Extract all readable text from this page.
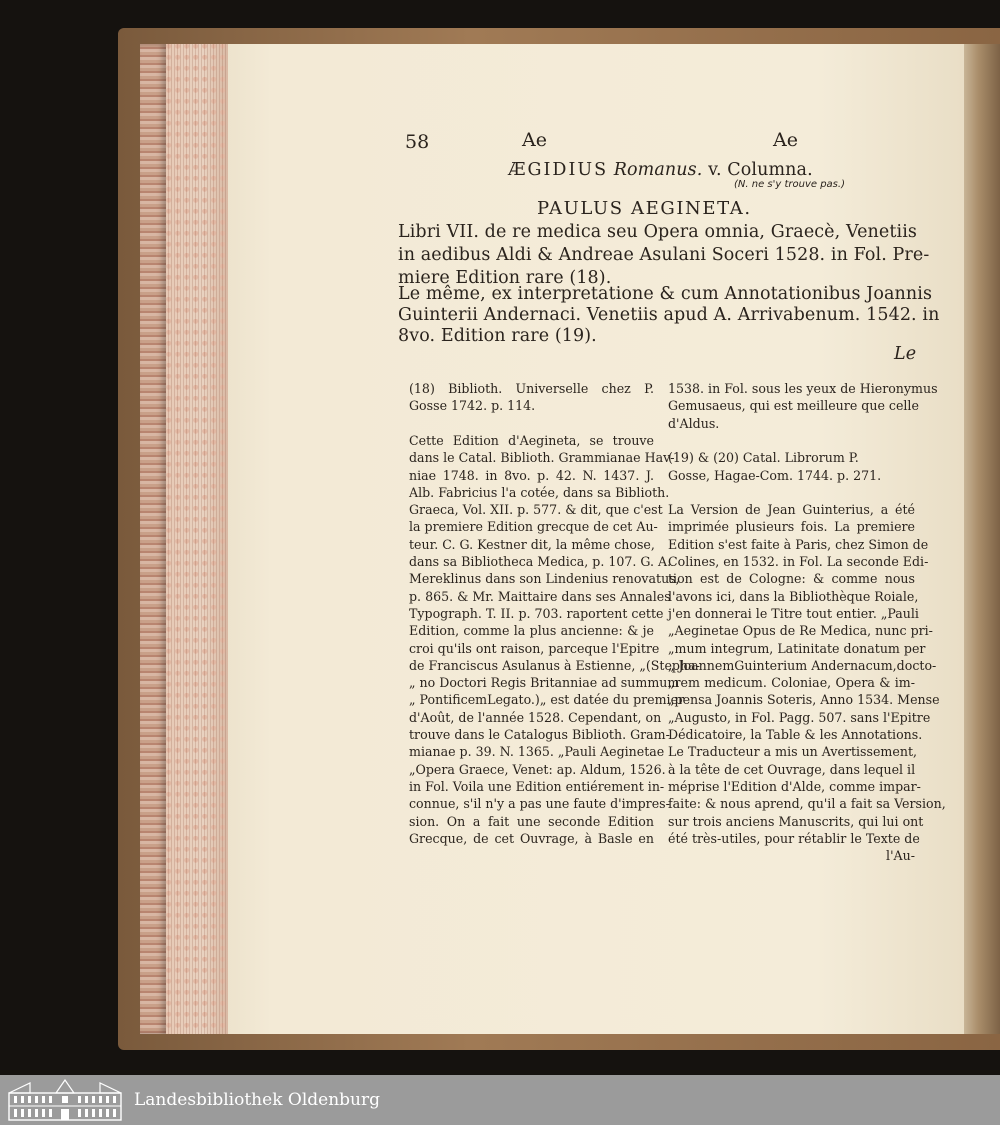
58	Ae	Ae
ÆGIDIUS Romanus. v. Columna.
(N. ne s'y trouve pas.)
PAULUS AEGINETA.
Libri VII. de re medica seu Opera omnia, Graecè, Venetiis
in aedibus Aldi & Andreae Asulani Soceri 1528. in Fol. Pre-
miere Edition rare (18).
Le même, ex interpretatione & cum Annotationibus Joannis
Guinterii Andernaci. Venetiis apud A. Arrivabenum. 1542. in
8vo. Edition rare (19).
Le
(18) Biblioth. Universelle chez P.
Gosse 1742. p. 114.
Cette Edition d'Aegineta, se trouve
dans le Catal. Biblioth. Grammianae Hav-
niae 1748. in 8vo. p. 42. N. 1437. J.
Alb. Fabricius l'a cotée, dans sa Biblioth.
Graeca, Vol. XII. p. 577. & dit, que c'est
la premiere Edition grecque de cet Au-
teur. C. G. Kestner dit, la même chose,
dans sa Bibliotheca Medica, p. 107. G. A.
Mereklinus dans son Lindenius renovatus,
p. 865. & Mr. Maittaire dans ses Annales
Typograph. T. II. p. 703. raportent cette
Edition, comme la plus ancienne: & je
croi qu'ils ont raison, parceque l'Epitre
de Franciscus Asulanus à Estienne, „(Stepha-
„ no Doctori Regis Britanniae ad summum
„ PontificemLegato.)„ est datée du premier
d'Août, de l'année 1528. Cependant, on
trouve dans le Catalogus Biblioth. Gram-
mianae p. 39. N. 1365. „Pauli Aeginetae
„Opera Graece, Venet: ap. Aldum, 1526.
in Fol. Voila une Edition entiérement in-
connue, s'il n'y a pas une faute d'impres-
sion. On a fait une seconde Edition
Grecque, de cet Ouvrage, à Basle en
1538. in Fol. sous les yeux de Hieronymus
Gemusaeus, qui est meilleure que celle
d'Aldus.
(19) & (20) Catal. Librorum P.
Gosse, Hagae-Com. 1744. p. 271.
La Version de Jean Guinterius, a été
imprimée plusieurs fois. La premiere
Edition s'est faite à Paris, chez Simon de
Colines, en 1532. in Fol. La seconde Edi-
tion est de Cologne: & comme nous
l'avons ici, dans la Bibliothèque Roiale,
j'en donnerai le Titre tout entier. „Pauli
„Aeginetae Opus de Re Medica, nunc pri-
„mum integrum, Latinitate donatum per
„ JoannemGuinterium Andernacum,docto-
„rem medicum. Coloniae, Opera & im-
„pensa Joannis Soteris, Anno 1534. Mense
„Augusto, in Fol. Pagg. 507. sans l'Epitre
Dédicatoire, la Table & les Annotations.
Le Traducteur a mis un Avertissement,
à la tête de cet Ouvrage, dans lequel il
méprise l'Edition d'Alde, comme impar-
faite: & nous aprend, qu'il a fait sa Version,
sur trois anciens Manuscrits, qui lui ont
été très-utiles, pour rétablir le Texte de
l'Au-
Landesbibliothek Oldenburg
